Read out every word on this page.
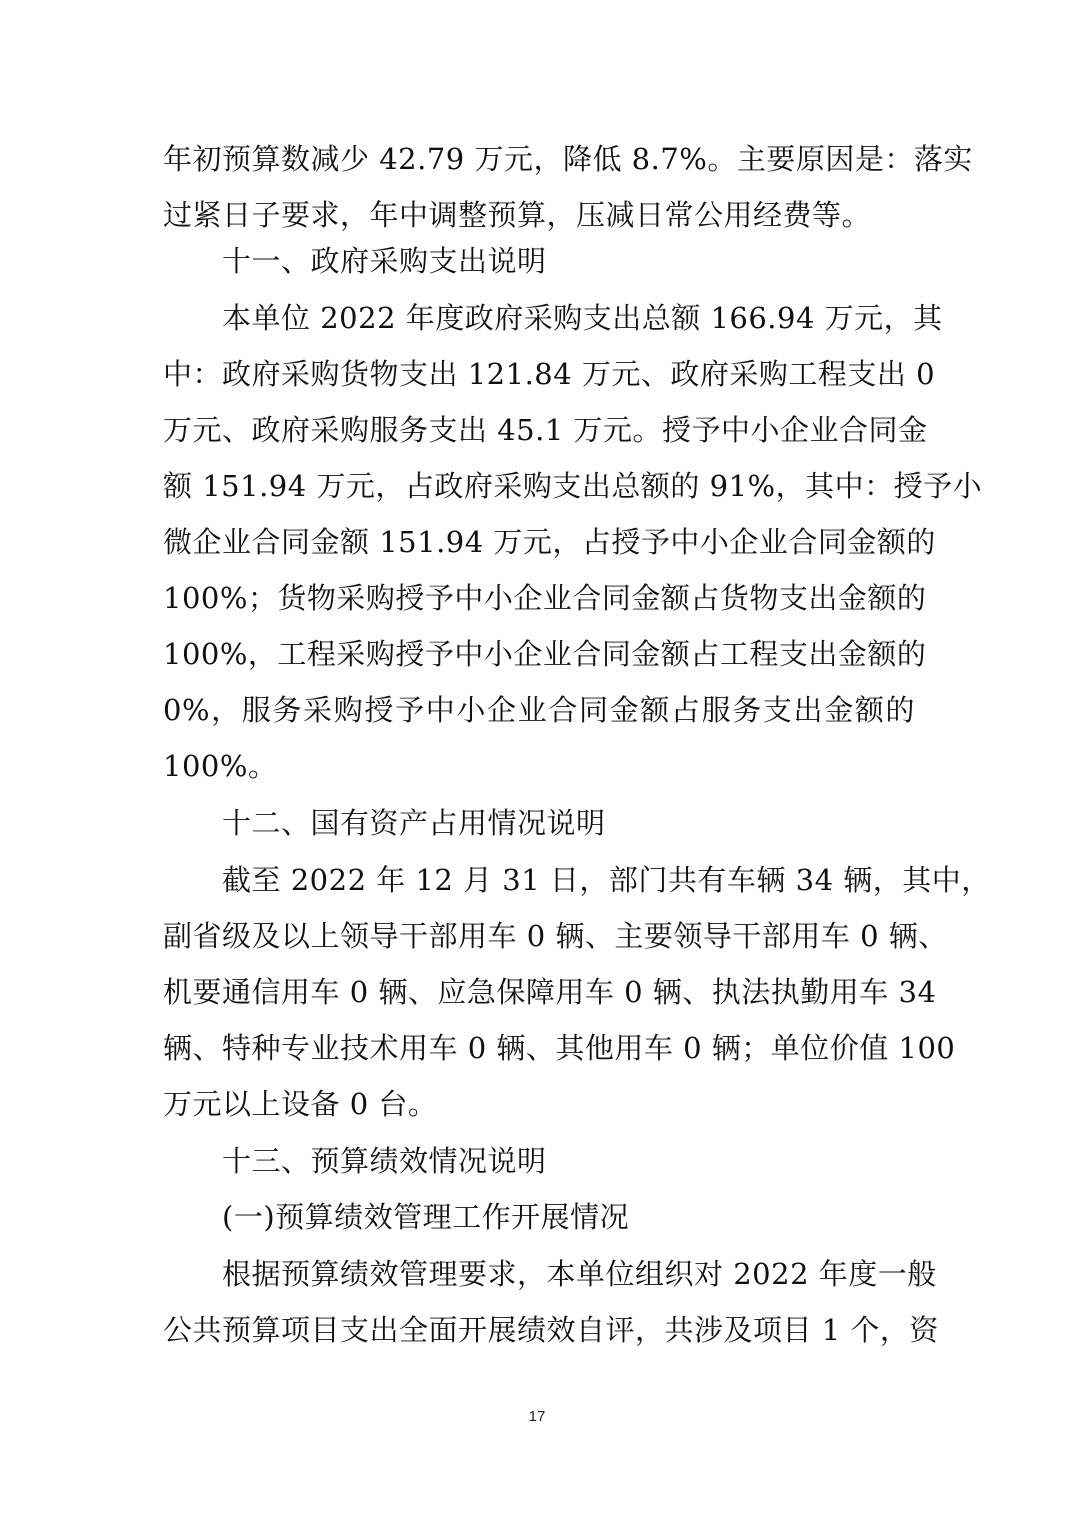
年初预算数减少 42.79 万元，降低 8.7%。主要原因是：落实
过紧日子要求，年中调整预算，压减日常公用经费等。
十一、政府采购支出说明
本单位 2022 年度政府采购支出总额 166.94 万元，其
中：政府采购货物支出 121.84 万元、政府采购工程支出 0
万元、政府采购服务支出 45.1 万元。授予中小企业合同金
额 151.94 万元，占政府采购支出总额的 91%，其中：授予小
微企业合同金额 151.94 万元，占授予中小企业合同金额的
100%；货物采购授予中小企业合同金额占货物支出金额的
100%，工程采购授予中小企业合同金额占工程支出金额的
0%，服务采购授予中小企业合同金额占服务支出金额的
100%。
十二、国有资产占用情况说明
截至 2022 年 12 月 31 日，部门共有车辆 34 辆，其中，
副省级及以上领导干部用车 0 辆、主要领导干部用车 0 辆、
机要通信用车 0 辆、应急保障用车 0 辆、执法执勤用车 34
辆、特种专业技术用车 0 辆、其他用车 0 辆；单位价值 100
万元以上设备 0 台。
十三、预算绩效情况说明
(一)预算绩效管理工作开展情况
根据预算绩效管理要求，本单位组织对 2022 年度一般
公共预算项目支出全面开展绩效自评，共涉及项目 1 个，资
17
